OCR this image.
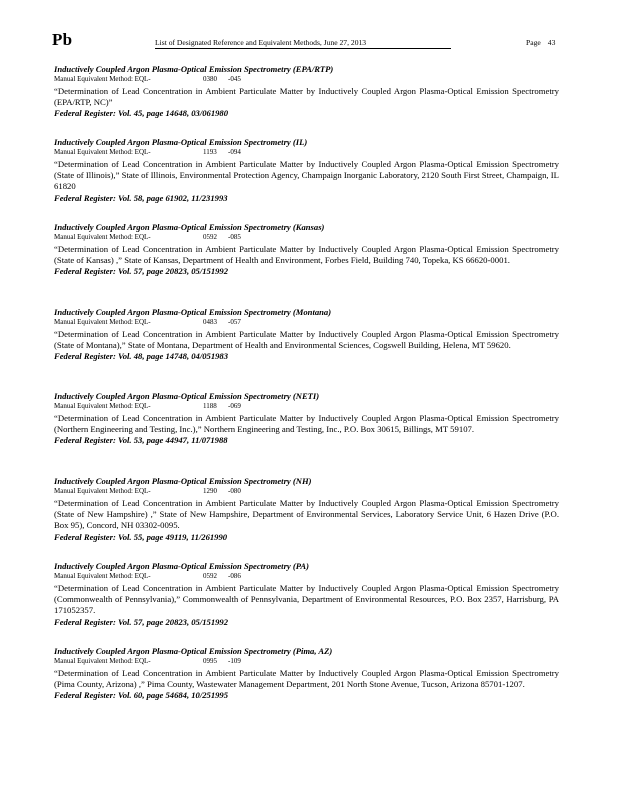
Pb	List of Designated Reference and Equivalent Methods, June 27, 2013	Page 43
Inductively Coupled Argon Plasma-Optical Emission Spectrometry (EPA/RTP)
Manual Equivalent Method: EQL-	0380 -045
“Determination of Lead Concentration in Ambient Particulate Matter by Inductively Coupled Argon Plasma-Optical Emission Spectrometry (EPA/RTP, NC)”
Federal Register: Vol. 45, page 14648, 03/061980
Inductively Coupled Argon Plasma-Optical Emission Spectrometry (IL)
Manual Equivalent Method: EQL-	1193 -094
“Determination of Lead Concentration in Ambient Particulate Matter by Inductively Coupled Argon Plasma-Optical Emission Spectrometry (State of Illinois),” State of Illinois, Environmental Protection Agency, Champaign Inorganic Laboratory, 2120 South First Street, Champaign, IL 61820
Federal Register: Vol. 58, page 61902, 11/231993
Inductively Coupled Argon Plasma-Optical Emission Spectrometry (Kansas)
Manual Equivalent Method: EQL-	0592 -085
“Determination of Lead Concentration in Ambient Particulate Matter by Inductively Coupled Argon Plasma-Optical Emission Spectrometry (State of Kansas) ,” State of Kansas, Department of Health and Environment, Forbes Field, Building 740, Topeka, KS 66620-0001.
Federal Register: Vol. 57, page 20823, 05/151992
Inductively Coupled Argon Plasma-Optical Emission Spectrometry (Montana)
Manual Equivalent Method: EQL-	0483 -057
“Determination of Lead Concentration in Ambient Particulate Matter by Inductively Coupled Argon Plasma-Optical Emission Spectrometry (State of Montana),” State of Montana, Department of Health and Environmental Sciences, Cogswell Building, Helena, MT 59620.
Federal Register: Vol. 48, page 14748, 04/051983
Inductively Coupled Argon Plasma-Optical Emission Spectrometry (NETI)
Manual Equivalent Method: EQL-	1188 -069
“Determination of Lead Concentration in Ambient Particulate Matter by Inductively Coupled Argon Plasma-Optical Emission Spectrometry (Northern Engineering and Testing, Inc.),” Northern Engineering and Testing, Inc., P.O. Box 30615, Billings, MT 59107.
Federal Register: Vol. 53, page 44947, 11/071988
Inductively Coupled Argon Plasma-Optical Emission Spectrometry (NH)
Manual Equivalent Method: EQL-	1290 -080
“Determination of Lead Concentration in Ambient Particulate Matter by Inductively Coupled Argon Plasma-Optical Emission Spectrometry (State of New Hampshire) ,” State of New Hampshire, Department of Environmental Services, Laboratory Service Unit, 6 Hazen Drive (P.O. Box 95), Concord, NH 03302-0095.
Federal Register: Vol. 55, page 49119, 11/261990
Inductively Coupled Argon Plasma-Optical Emission Spectrometry (PA)
Manual Equivalent Method: EQL-	0592 -086
“Determination of Lead Concentration in Ambient Particulate Matter by Inductively Coupled Argon Plasma-Optical Emission Spectrometry (Commonwealth of Pennsylvania),” Commonwealth of Pennsylvania, Department of Environmental Resources, P.O. Box 2357, Harrisburg, PA 171052357.
Federal Register: Vol. 57, page 20823, 05/151992
Inductively Coupled Argon Plasma-Optical Emission Spectrometry (Pima, AZ)
Manual Equivalent Method: EQL-	0995 -109
“Determination of Lead Concentration in Ambient Particulate Matter by Inductively Coupled Argon Plasma-Optical Emission Spectrometry (Pima County, Arizona) ,” Pima County, Wastewater Management Department, 201 North Stone Avenue, Tucson, Arizona 85701-1207.
Federal Register: Vol. 60, page 54684, 10/251995
